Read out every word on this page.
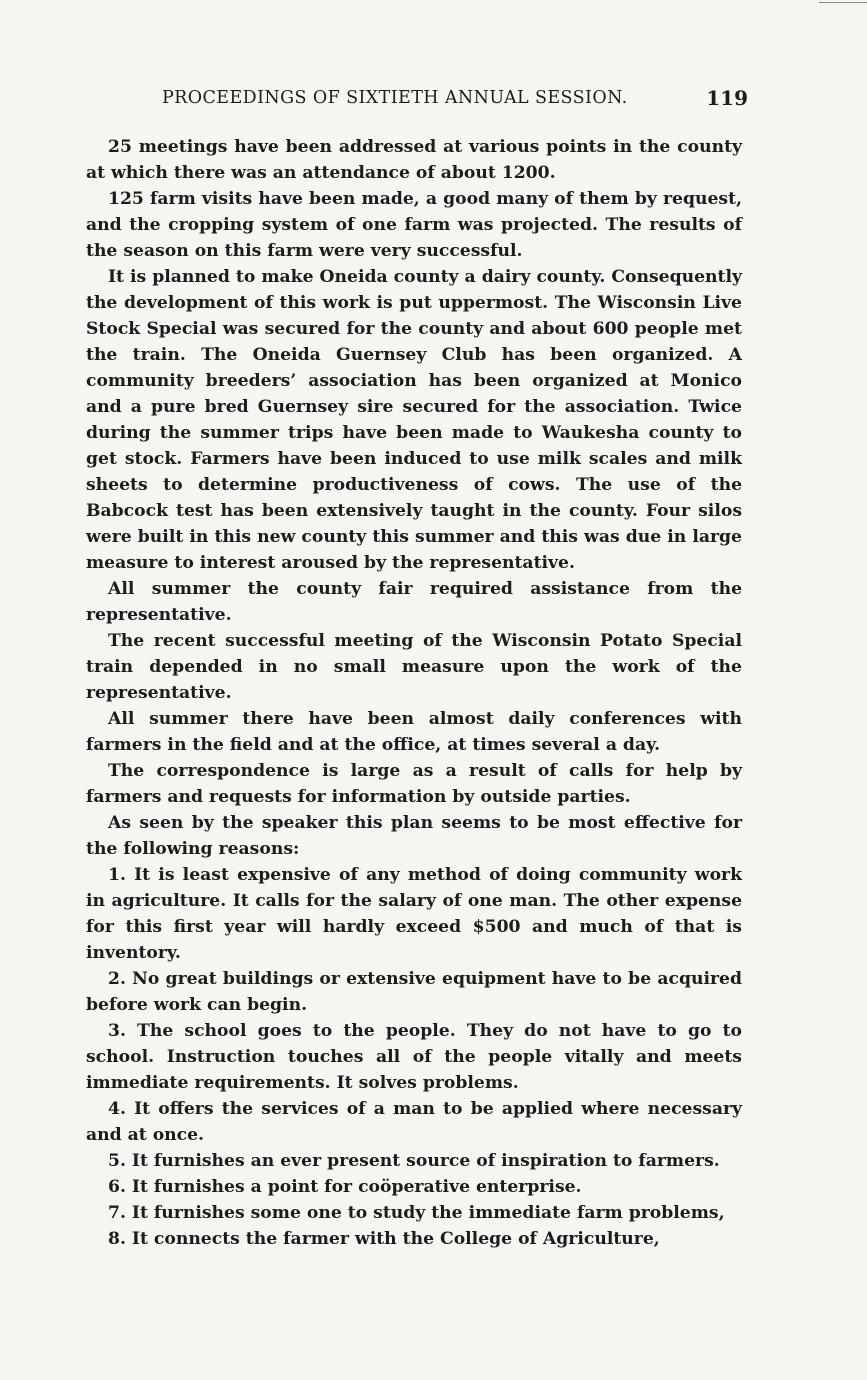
PROCEEDINGS OF SIXTIETH ANNUAL SESSION.	119

25 meetings have been addressed at various points in the county at which there was an attendance of about 1200.

125 farm visits have been made, a good many of them by request, and the cropping system of one farm was projected. The results of the season on this farm were very successful.

It is planned to make Oneida county a dairy county. Consequently the development of this work is put uppermost. The Wisconsin Live Stock Special was secured for the county and about 600 people met the train. The Oneida Guernsey Club has been organized. A community breeders’ association has been organized at Monico and a pure bred Guernsey sire secured for the association. Twice during the summer trips have been made to Waukesha county to get stock. Farmers have been induced to use milk scales and milk sheets to determine productiveness of cows. The use of the Babcock test has been extensively taught in the county. Four silos were built in this new county this summer and this was due in large measure to interest aroused by the representative.

All summer the county fair required assistance from the representative.

The recent successful meeting of the Wisconsin Potato Special train depended in no small measure upon the work of the representative.

All summer there have been almost daily conferences with farmers in the field and at the office, at times several a day.

The correspondence is large as a result of calls for help by farmers and requests for information by outside parties.

As seen by the speaker this plan seems to be most effective for the following reasons:

1. It is least expensive of any method of doing community work in agriculture. It calls for the salary of one man. The other expense for this first year will hardly exceed $500 and much of that is inventory.

2. No great buildings or extensive equipment have to be acquired before work can begin.

3. The school goes to the people. They do not have to go to school. Instruction touches all of the people vitally and meets immediate requirements. It solves problems.

4. It offers the services of a man to be applied where necessary and at once.

5. It furnishes an ever present source of inspiration to farmers.

6. It furnishes a point for coöperative enterprise.

7. It furnishes some one to study the immediate farm problems,

8. It connects the farmer with the College of Agriculture,
